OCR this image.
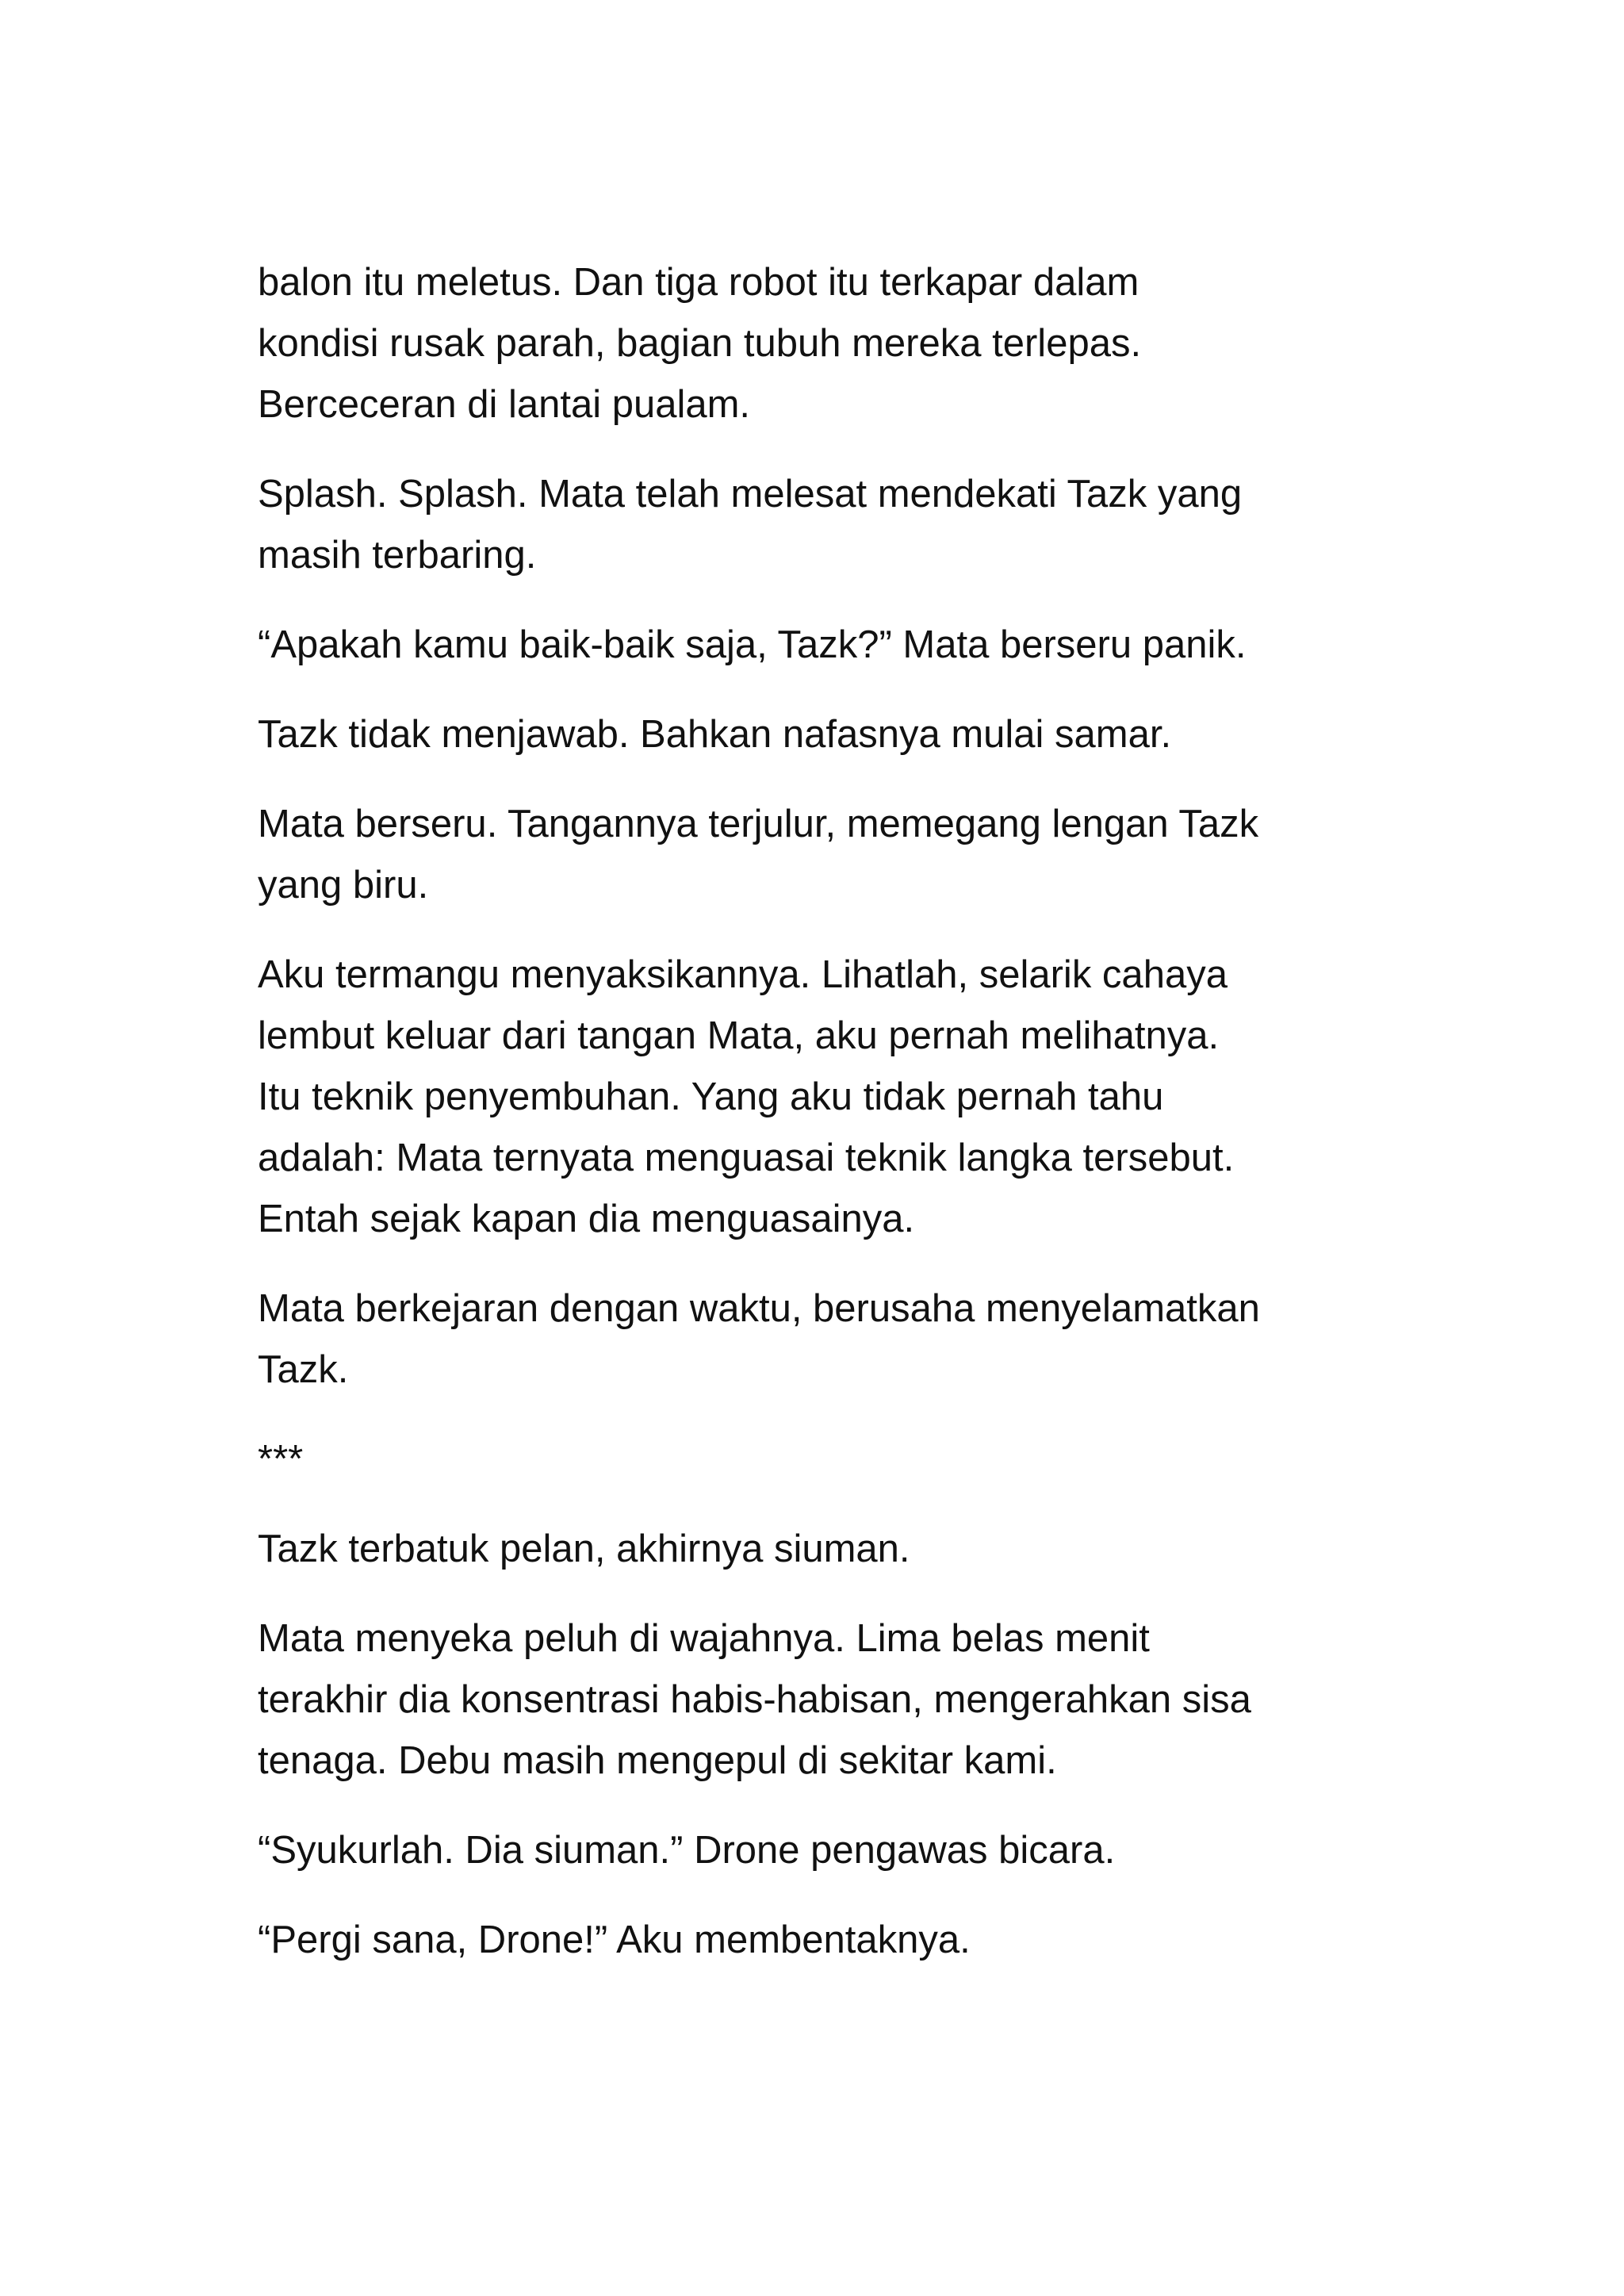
balon itu meletus. Dan tiga robot itu terkapar dalam
kondisi rusak parah, bagian tubuh mereka terlepas.
Berceceran di lantai pualam.

Splash. Splash. Mata telah melesat mendekati Tazk yang
masih terbaring.

“Apakah kamu baik-baik saja, Tazk?” Mata berseru panik.

Tazk tidak menjawab. Bahkan nafasnya mulai samar.

Mata berseru. Tangannya terjulur, memegang lengan Tazk
yang biru.

Aku termangu menyaksikannya. Lihatlah, selarik cahaya
lembut keluar dari tangan Mata, aku pernah melihatnya.
Itu teknik penyembuhan. Yang aku tidak pernah tahu
adalah: Mata ternyata menguasai teknik langka tersebut.
Entah sejak kapan dia menguasainya.

Mata berkejaran dengan waktu, berusaha menyelamatkan
Tazk.

***

Tazk terbatuk pelan, akhirnya siuman.

Mata menyeka peluh di wajahnya. Lima belas menit
terakhir dia konsentrasi habis-habisan, mengerahkan sisa
tenaga. Debu masih mengepul di sekitar kami.

“Syukurlah. Dia siuman.” Drone pengawas bicara.

“Pergi sana, Drone!” Aku membentaknya.
